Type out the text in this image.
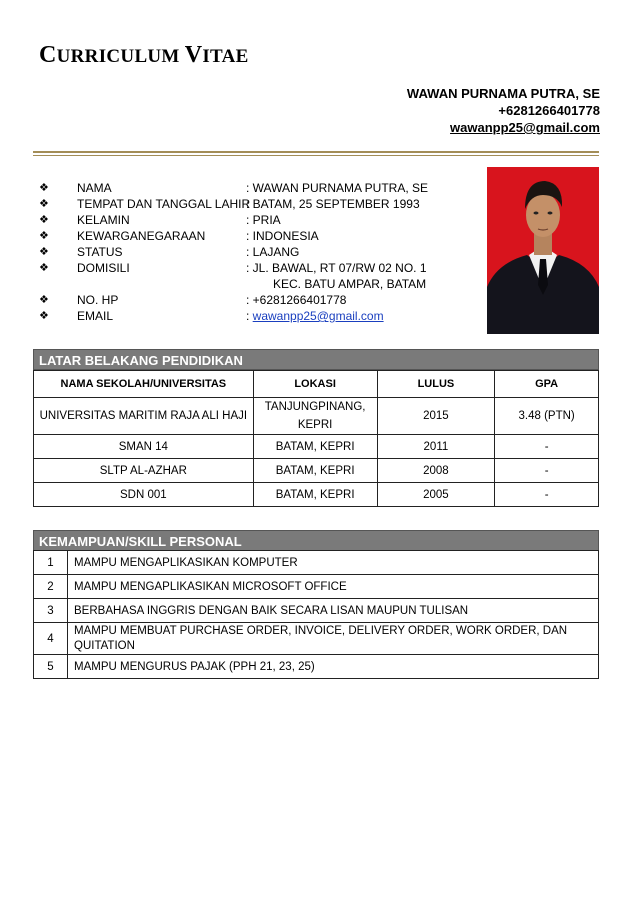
CURRICULUM VITAE
WAWAN PURNAMA PUTRA, SE
+6281266401778
wawanpp25@gmail.com
❖	NAMA	: WAWAN PURNAMA PUTRA, SE
❖	TEMPAT DAN TANGGAL LAHIR
: BATAM, 25 SEPTEMBER 1993
❖	KELAMIN	: PRIA
❖	KEWARGANEGARAAN	: INDONESIA
❖	STATUS	: LAJANG
❖	DOMISILI	: JL. BAWAL, RT 07/RW 02 NO. 1
KEC. BATU AMPAR, BATAM
❖	NO. HP	: +6281266401778
❖	EMAIL	: wawanpp25@gmail.com
LATAR BELAKANG PENDIDIKAN
NAMA SEKOLAH/UNIVERSITAS	LOKASI	LULUS	GPA
UNIVERSITAS MARITIM RAJA ALI HAJI	TANJUNGPINANG,
KEPRI	2015	3.48 (PTN)
SMAN 14	BATAM, KEPRI	2011	-
SLTP AL-AZHAR	BATAM, KEPRI	2008	-
SDN 001	BATAM, KEPRI	2005	-
KEMAMPUAN/SKILL PERSONAL
1	MAMPU MENGAPLIKASIKAN KOMPUTER
2	MAMPU MENGAPLIKASIKAN MICROSOFT OFFICE
3	BERBAHASA INGGRIS DENGAN BAIK SECARA LISAN MAUPUN TULISAN
4	MAMPU MEMBUAT PURCHASE ORDER, INVOICE, DELIVERY ORDER, WORK ORDER, DAN
QUITATION

5	MAMPU MENGURUS PAJAK (PPH 21, 23, 25)
